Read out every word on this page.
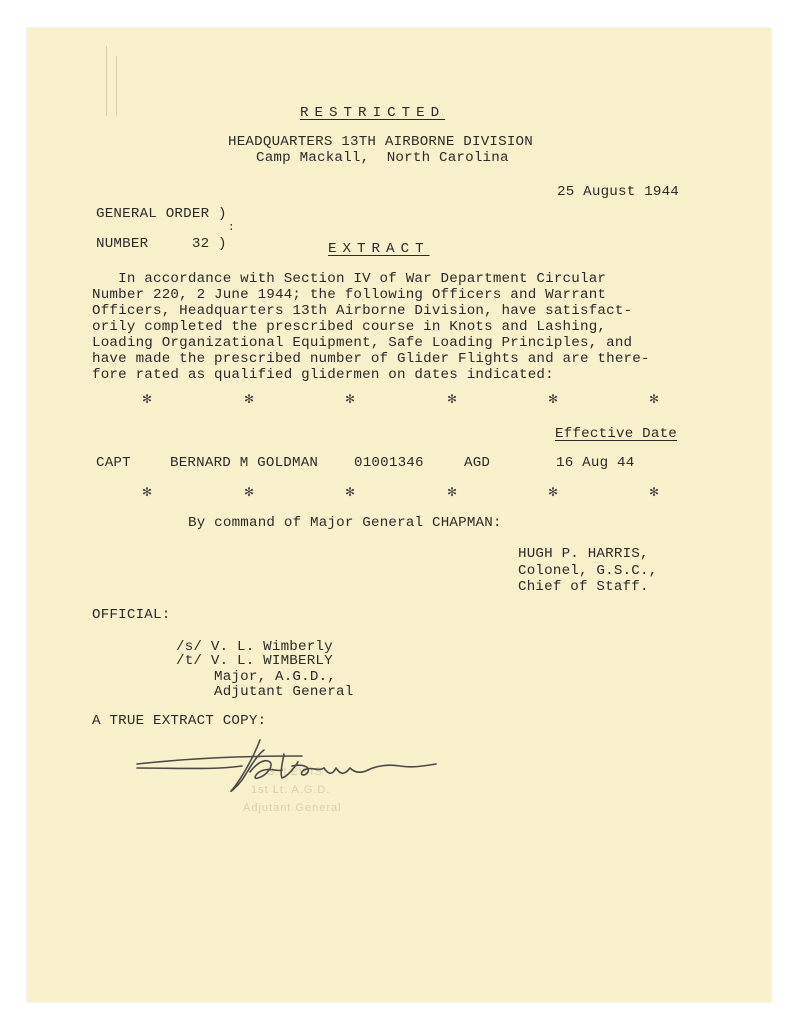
RESTRICTED
HEADQUARTERS 13TH AIRBORNE DIVISION
Camp Mackall,  North Carolina
25 August 1944
GENERAL ORDER )
:
NUMBER     32 )	EXTRACT
In accordance with Section IV of War Department Circular
Number 220, 2 June 1944; the following Officers and Warrant
Officers, Headquarters 13th Airborne Division, have satisfact-
orily completed the prescribed course in Knots and Lashing,
Loading Organizational Equipment, Safe Loading Principles, and
have made the prescribed number of Glider Flights and are there-
fore rated as qualified glidermen on dates indicated:
✻	✻	✻	✻	✻	✻
Effective Date
CAPT	BERNARD M GOLDMAN	01001346	AGD	16 Aug 44
✻	✻	✻	✻	✻	✻
By command of Major General CHAPMAN:
HUGH P. HARRIS,
Colonel, G.S.C.,
Chief of Staff.
OFFICIAL:
/s/ V. L. Wimberly
/t/ V. L. WIMBERLY
Major, A.G.D.,
Adjutant General
A TRUE EXTRACT COPY:
S. LEWIS
1st Lt. A.G.D.
Adjutant General
